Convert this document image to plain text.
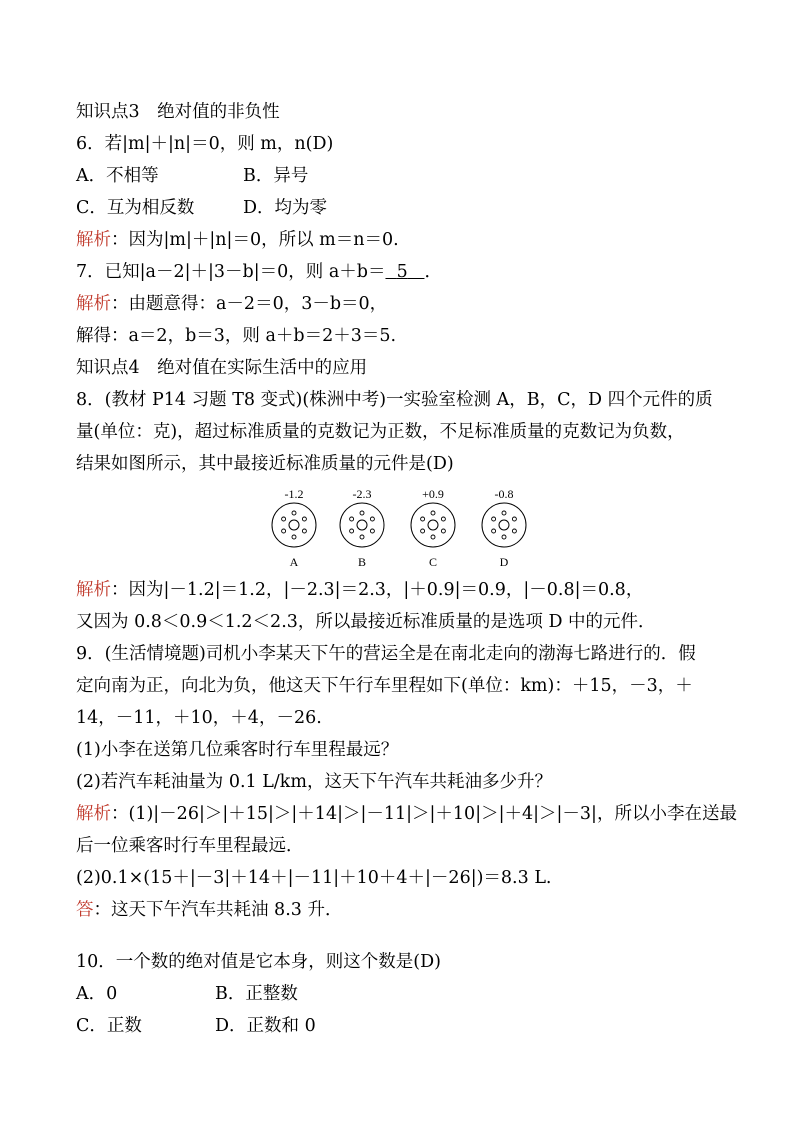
知识点3　绝对值的非负性
6．若|m|＋|n|＝0，则 m，n(D)
A．不相等	B．异号
C．互为相反数	D．均为零
解析：因为|m|＋|n|＝0，所以 m＝n＝0.
7．已知|a－2|＋|3－b|＝0，则 a＋b＝ 5 ．
解析：由题意得：a－2＝0，3－b＝0，
解得：a＝2，b＝3，则 a＋b＝2＋3＝5.
知识点4　绝对值在实际生活中的应用
8．(教材 P14 习题 T8 变式)(株洲中考)一实验室检测 A，B，C，D 四个元件的质
量(单位：克)，超过标准质量的克数记为正数，不足标准质量的克数记为负数，
结果如图所示，其中最接近标准质量的元件是(D)
-1.2
A
-2.3
B
+0.9
C
-0.8
D
解析：因为|－1.2|＝1.2，|－2.3|＝2.3，|＋0.9|＝0.9，|－0.8|＝0.8，
又因为 0.8＜0.9＜1.2＜2.3，所以最接近标准质量的是选项 D 中的元件．
9．(生活情境题)司机小李某天下午的营运全是在南北走向的渤海七路进行的．假
定向南为正，向北为负，他这天下午行车里程如下(单位：km)：＋15，－3，＋
14，－11，＋10，＋4，－26.
(1)小李在送第几位乘客时行车里程最远？
(2)若汽车耗油量为 0.1 L/km，这天下午汽车共耗油多少升？
解析：(1)|－26|＞|＋15|＞|＋14|＞|－11|＞|＋10|＞|＋4|＞|－3|，所以小李在送最
后一位乘客时行车里程最远．
(2)0.1×(15＋|－3|＋14＋|－11|＋10＋4＋|－26|)＝8.3 L.
答：这天下午汽车共耗油 8.3 升．
10．一个数的绝对值是它本身，则这个数是(D)
A．0	B．正整数
C．正数	D．正数和 0
